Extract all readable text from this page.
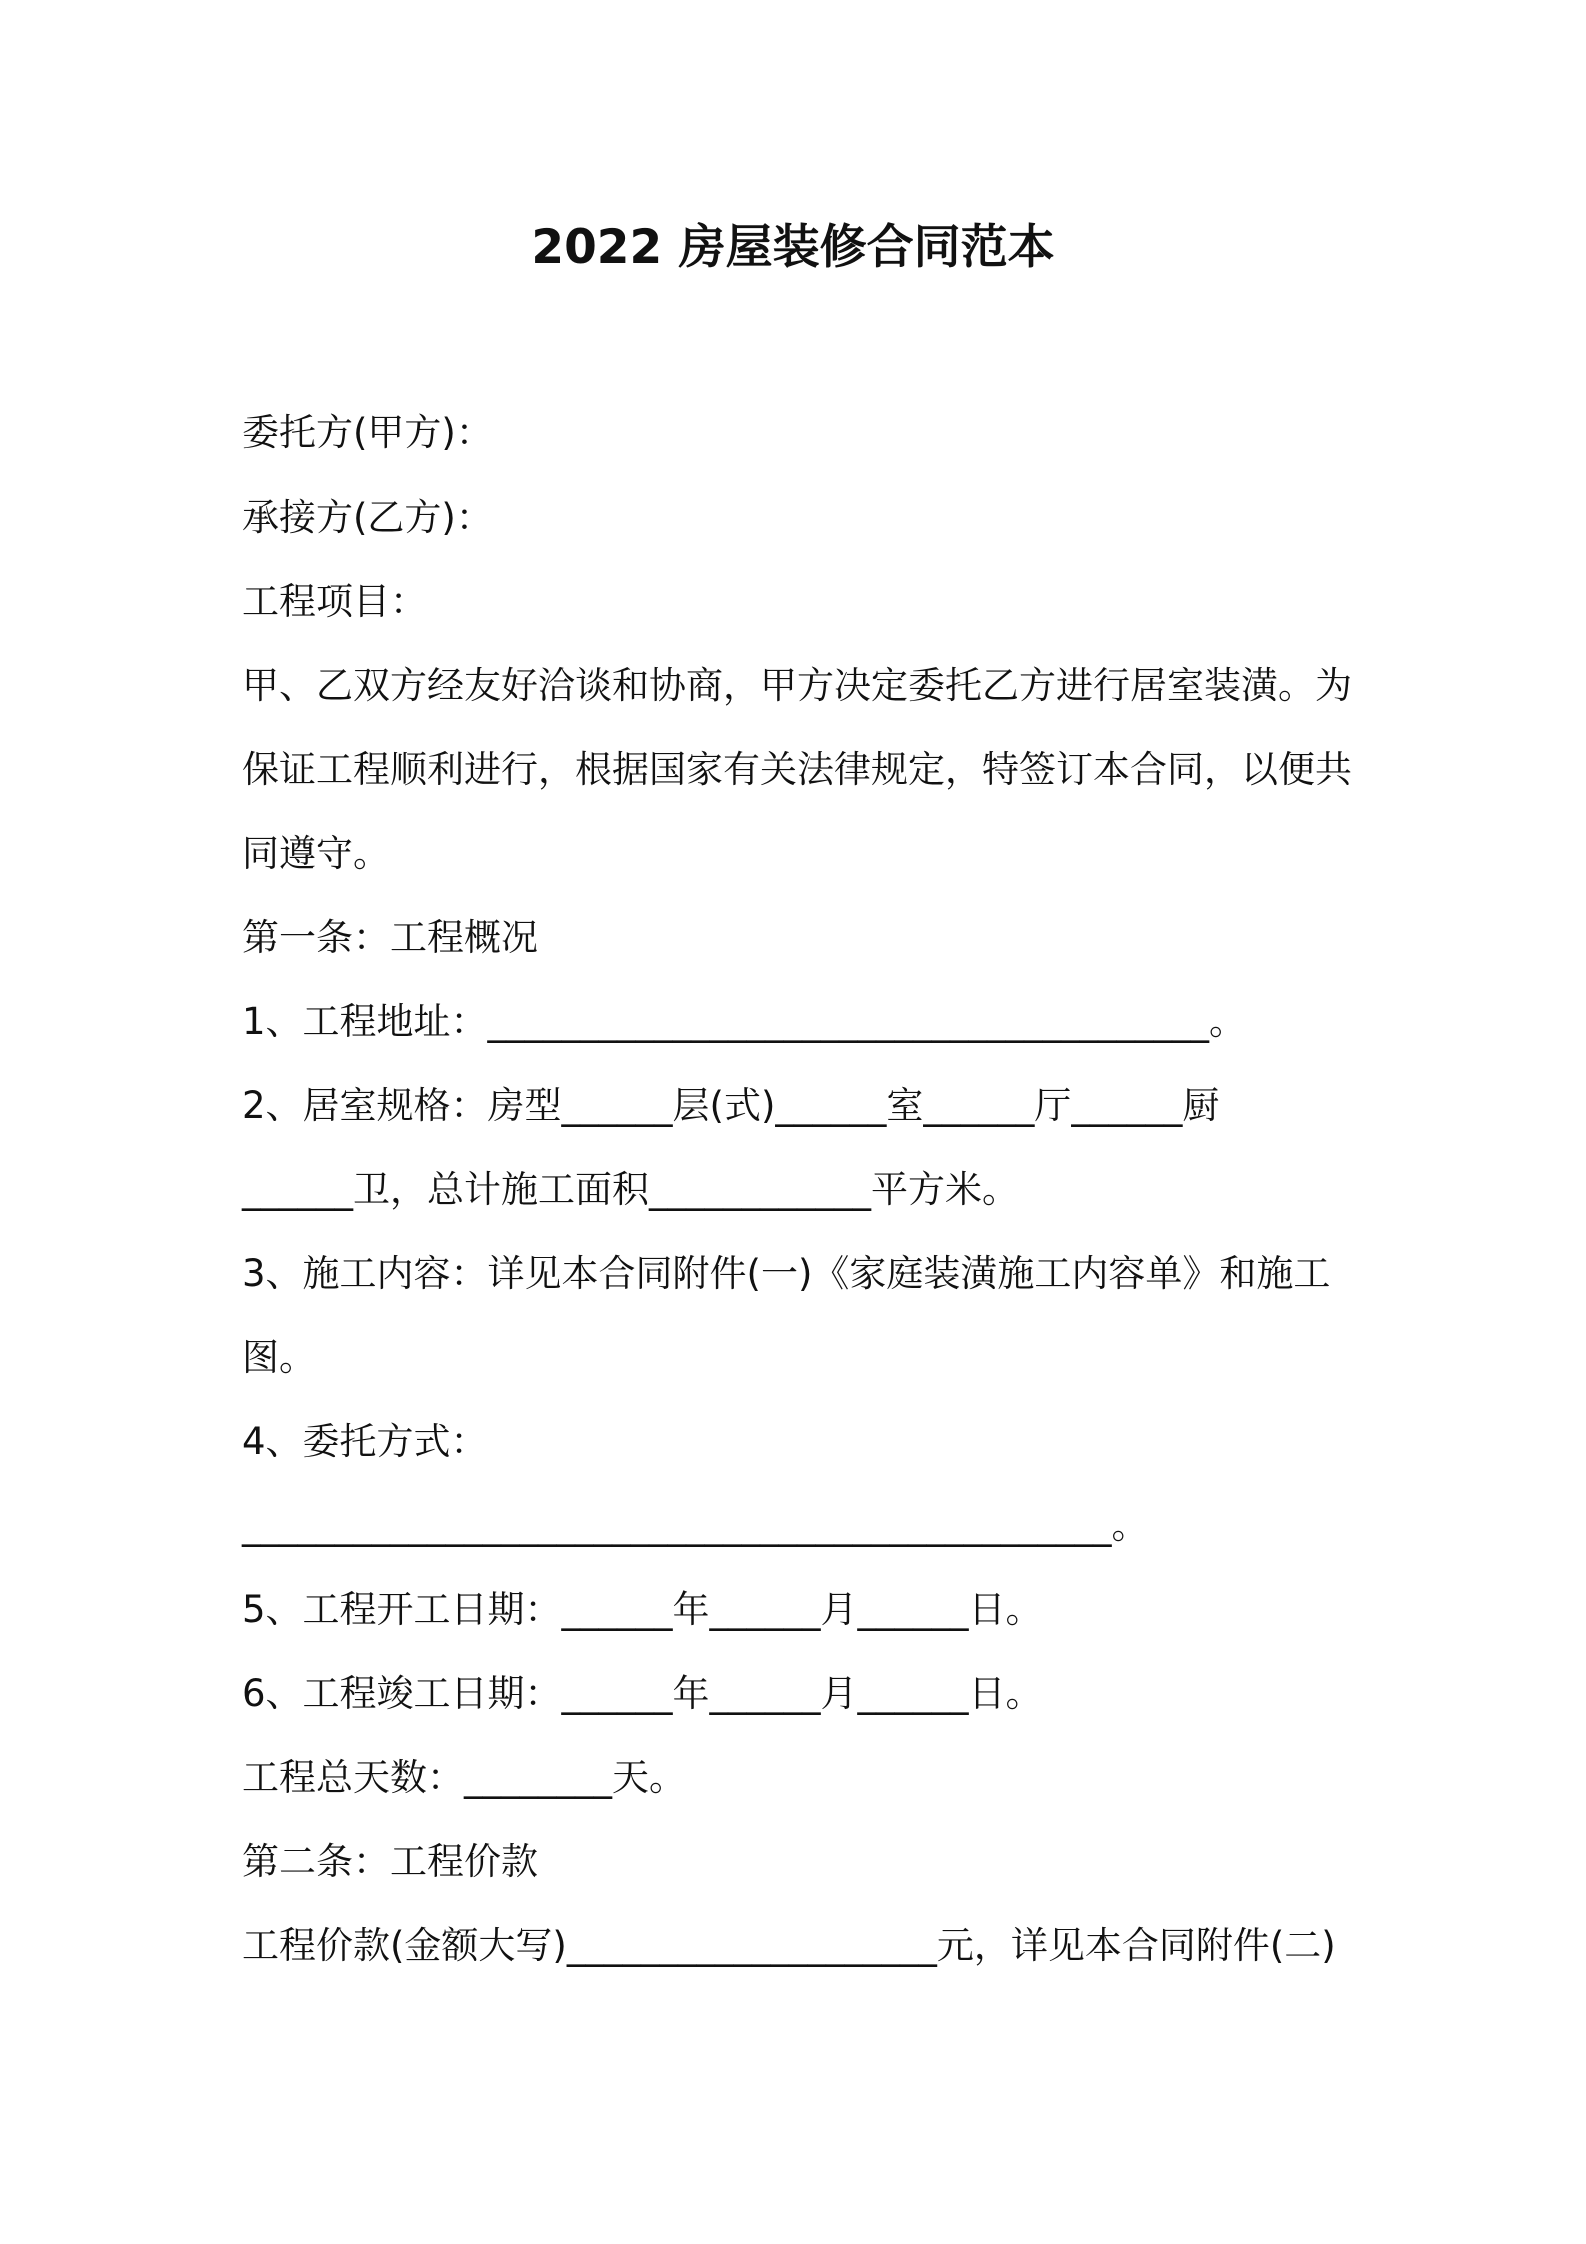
2022 房屋装修合同范本
委托方(甲方)：
承接方(乙方)：
工程项目：
甲、乙双方经友好洽谈和协商，甲方决定委托乙方进行居室装潢。为
保证工程顺利进行，根据国家有关法律规定，特签订本合同，以便共
同遵守。
第一条：工程概况
1、工程地址：_______________________________________。
2、居室规格：房型______层(式)______室______厅______厨
______卫，总计施工面积____________平方米。
3、施工内容：详见本合同附件(一)《家庭装潢施工内容单》和施工
图。
4、委托方式：
_______________________________________________。
5、工程开工日期：______年______月______日。
6、工程竣工日期：______年______月______日。
工程总天数：________天。
第二条：工程价款
工程价款(金额大写)____________________元，详见本合同附件(二)
